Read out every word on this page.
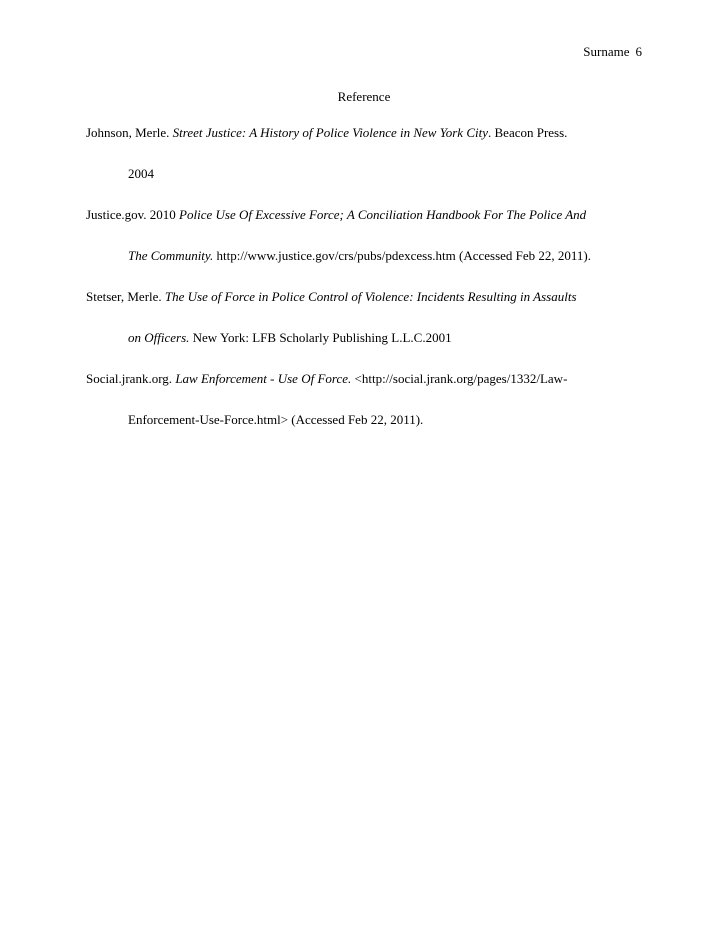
Surname 6
Reference
Johnson, Merle. Street Justice: A History of Police Violence in New York City. Beacon Press.
2004
Justice.gov. 2010 Police Use Of Excessive Force; A Conciliation Handbook For The Police And
The Community. http://www.justice.gov/crs/pubs/pdexcess.htm (Accessed Feb 22, 2011).
Stetser, Merle. The Use of Force in Police Control of Violence: Incidents Resulting in Assaults
on Officers. New York: LFB Scholarly Publishing L.L.C.2001
Social.jrank.org. Law Enforcement - Use Of Force. <http://social.jrank.org/pages/1332/Law-
Enforcement-Use-Force.html> (Accessed Feb 22, 2011).
